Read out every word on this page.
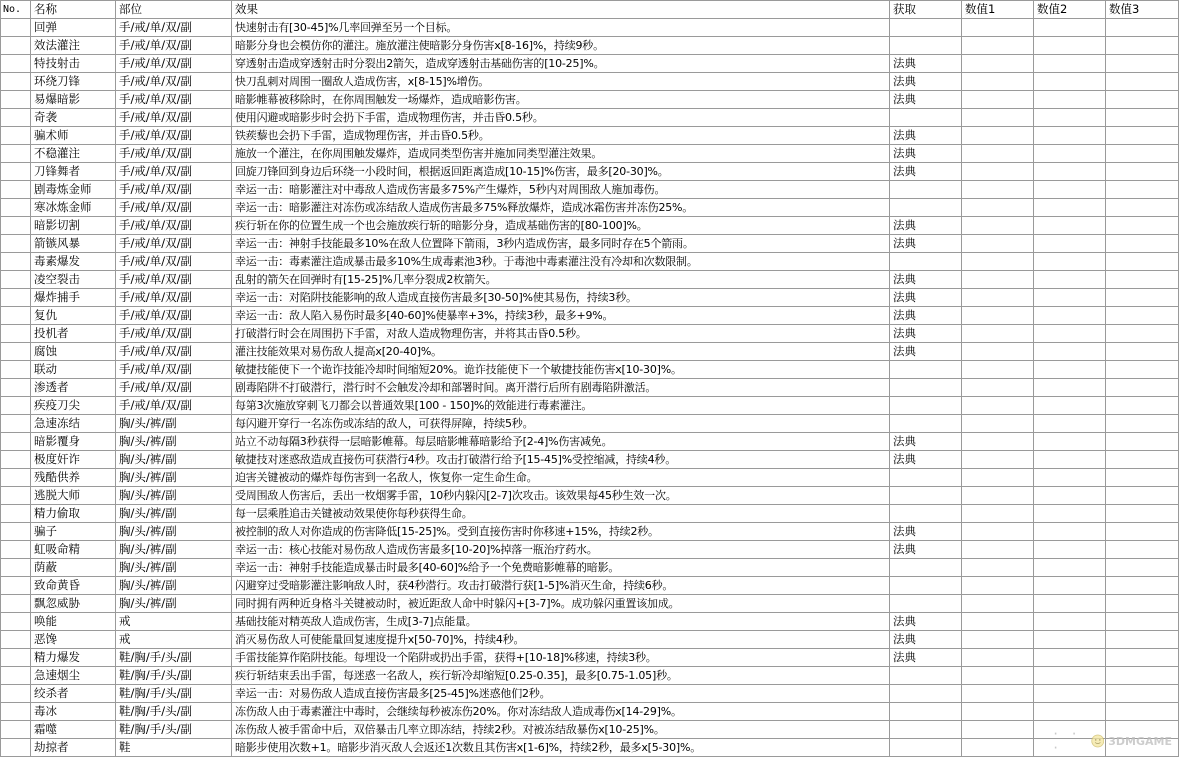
No.	名称	部位	效果	获取	数值1	数值2	数值3
	回弹	手/戒/单/双/副	快速射击有[30-45]%几率回弹至另一个目标。				
	效法灌注	手/戒/单/双/副	暗影分身也会模仿你的灌注。施放灌注使暗影分身伤害x[8-16]%，持续9秒。				
	特技射击	手/戒/单/双/副	穿透射击造成穿透射击时分裂出2箭矢，造成穿透射击基础伤害的[10-25]%。	法典			
	环绕刀锋	手/戒/单/双/副	快刀乱刺对周围一圈敌人造成伤害，x[8-15]%增伤。	法典			
	易爆暗影	手/戒/单/双/副	暗影帷幕被移除时，在你周围触发一场爆炸，造成暗影伤害。	法典			
	奇袭	手/戒/单/双/副	使用闪避或暗影步时会扔下手雷，造成物理伤害，并击昏0.5秒。				
	骗术师	手/戒/单/双/副	铁蒺藜也会扔下手雷，造成物理伤害，并击昏0.5秒。	法典			
	不稳灌注	手/戒/单/双/副	施放一个灌注，在你周围触发爆炸，造成同类型伤害并施加同类型灌注效果。	法典			
	刀锋舞者	手/戒/单/双/副	回旋刀锋回到身边后环绕一小段时间，根据返回距离造成[10-15]%伤害，最多[20-30]%。	法典			
	剧毒炼金师	手/戒/单/双/副	幸运一击：暗影灌注对中毒敌人造成伤害最多75%产生爆炸，5秒内对周围敌人施加毒伤。				
	寒冰炼金师	手/戒/单/双/副	幸运一击：暗影灌注对冻伤或冻结敌人造成伤害最多75%释放爆炸，造成冰霜伤害并冻伤25%。				
	暗影切割	手/戒/单/双/副	疾行斩在你的位置生成一个也会施放疾行斩的暗影分身，造成基础伤害的[80-100]%。	法典			
	箭镞风暴	手/戒/单/双/副	幸运一击：神射手技能最多10%在敌人位置降下箭雨，3秒内造成伤害，最多同时存在5个箭雨。	法典			
	毒素爆发	手/戒/单/双/副	幸运一击：毒素灌注造成暴击最多10%生成毒素池3秒。于毒池中毒素灌注没有冷却和次数限制。				
	凌空裂击	手/戒/单/双/副	乱射的箭矢在回弹时有[15-25]%几率分裂成2枚箭矢。	法典			
	爆炸捕手	手/戒/单/双/副	幸运一击：对陷阱技能影响的敌人造成直接伤害最多[30-50]%使其易伤，持续3秒。	法典			
	复仇	手/戒/单/双/副	幸运一击：敌人陷入易伤时最多[40-60]%使暴率+3%，持续3秒，最多+9%。	法典			
	投机者	手/戒/单/双/副	打破潜行时会在周围扔下手雷，对敌人造成物理伤害，并将其击昏0.5秒。	法典			
	腐蚀	手/戒/单/双/副	灌注技能效果对易伤敌人提高x[20-40]%。	法典			
	联动	手/戒/单/双/副	敏捷技能使下一个诡诈技能冷却时间缩短20%。诡诈技能使下一个敏捷技能伤害x[10-30]%。				
	渗透者	手/戒/单/双/副	剧毒陷阱不打破潜行，潜行时不会触发冷却和部署时间。离开潜行后所有剧毒陷阱激活。				
	疾疫刀尖	手/戒/单/双/副	每第3次施放穿刺飞刀都会以普通效果[100 - 150]%的效能进行毒素灌注。				
	急速冻结	胸/头/裤/副	每闪避开穿行一名冻伤或冻结的敌人，可获得屏障，持续5秒。				
	暗影覆身	胸/头/裤/副	站立不动每隔3秒获得一层暗影帷幕。每层暗影帷幕暗影给予[2-4]%伤害减免。	法典			
	极度奸诈	胸/头/裤/副	敏捷技对迷惑敌造成直接伤可获潜行4秒。攻击打破潜行给予[15-45]%受控缩减，持续4秒。	法典			
	残酷供养	胸/头/裤/副	迫害关键被动的爆炸每伤害到一名敌人，恢复你一定生命生命。				
	逃脱大师	胸/头/裤/副	受周围敌人伤害后，丢出一枚烟雾手雷，10秒内躲闪[2-7]次攻击。该效果每45秒生效一次。				
	精力偷取	胸/头/裤/副	每一层乘胜追击关键被动效果使你每秒获得生命。				
	骗子	胸/头/裤/副	被控制的敌人对你造成的伤害降低[15-25]%。受到直接伤害时你移速+15%，持续2秒。	法典			
	虹吸命精	胸/头/裤/副	幸运一击：核心技能对易伤敌人造成伤害最多[10-20]%掉落一瓶治疗药水。	法典			
	荫蔽	胸/头/裤/副	幸运一击：神射手技能造成暴击时最多[40-60]%给予一个免费暗影帷幕的暗影。				
	致命黄昏	胸/头/裤/副	闪避穿过受暗影灌注影响敌人时，获4秒潜行。攻击打破潜行获[1-5]%消灭生命，持续6秒。				
	飘忽威胁	胸/头/裤/副	同时拥有两种近身格斗关键被动时，被近距敌人命中时躲闪+[3-7]%。成功躲闪重置该加成。				
	唤能	戒	基础技能对精英敌人造成伤害，生成[3-7]点能量。	法典			
	恶馋	戒	消灭易伤敌人可使能量回复速度提升x[50-70]%，持续4秒。	法典			
	精力爆发	鞋/胸/手/头/副	手雷技能算作陷阱技能。每埋设一个陷阱或扔出手雷，获得+[10-18]%移速，持续3秒。	法典			
	急速烟尘	鞋/胸/手/头/副	疾行斩结束丢出手雷，每迷惑一名敌人，疾行斩冷却缩短[0.25-0.35]，最多[0.75-1.05]秒。				
	绞杀者	鞋/胸/手/头/副	幸运一击：对易伤敌人造成直接伤害最多[25-45]%迷惑他们2秒。				
	毒冰	鞋/胸/手/头/副	冻伤敌人由于毒素灌注中毒时，会继续每秒被冻伤20%。你对冻结敌人造成毒伤x[14-29]%。				
	霜噬	鞋/胸/手/头/副	冻伤敌人被手雷命中后，双倍暴击几率立即冻结，持续2秒。对被冻结敌暴伤x[10-25]%。				
	劫掠者	鞋	暗影步使用次数+1。暗影步消灭敌人会返还1次数且其伤害x[1-6]%，持续2秒，最多x[5-30]%。				
· · ·	3DMGAME
